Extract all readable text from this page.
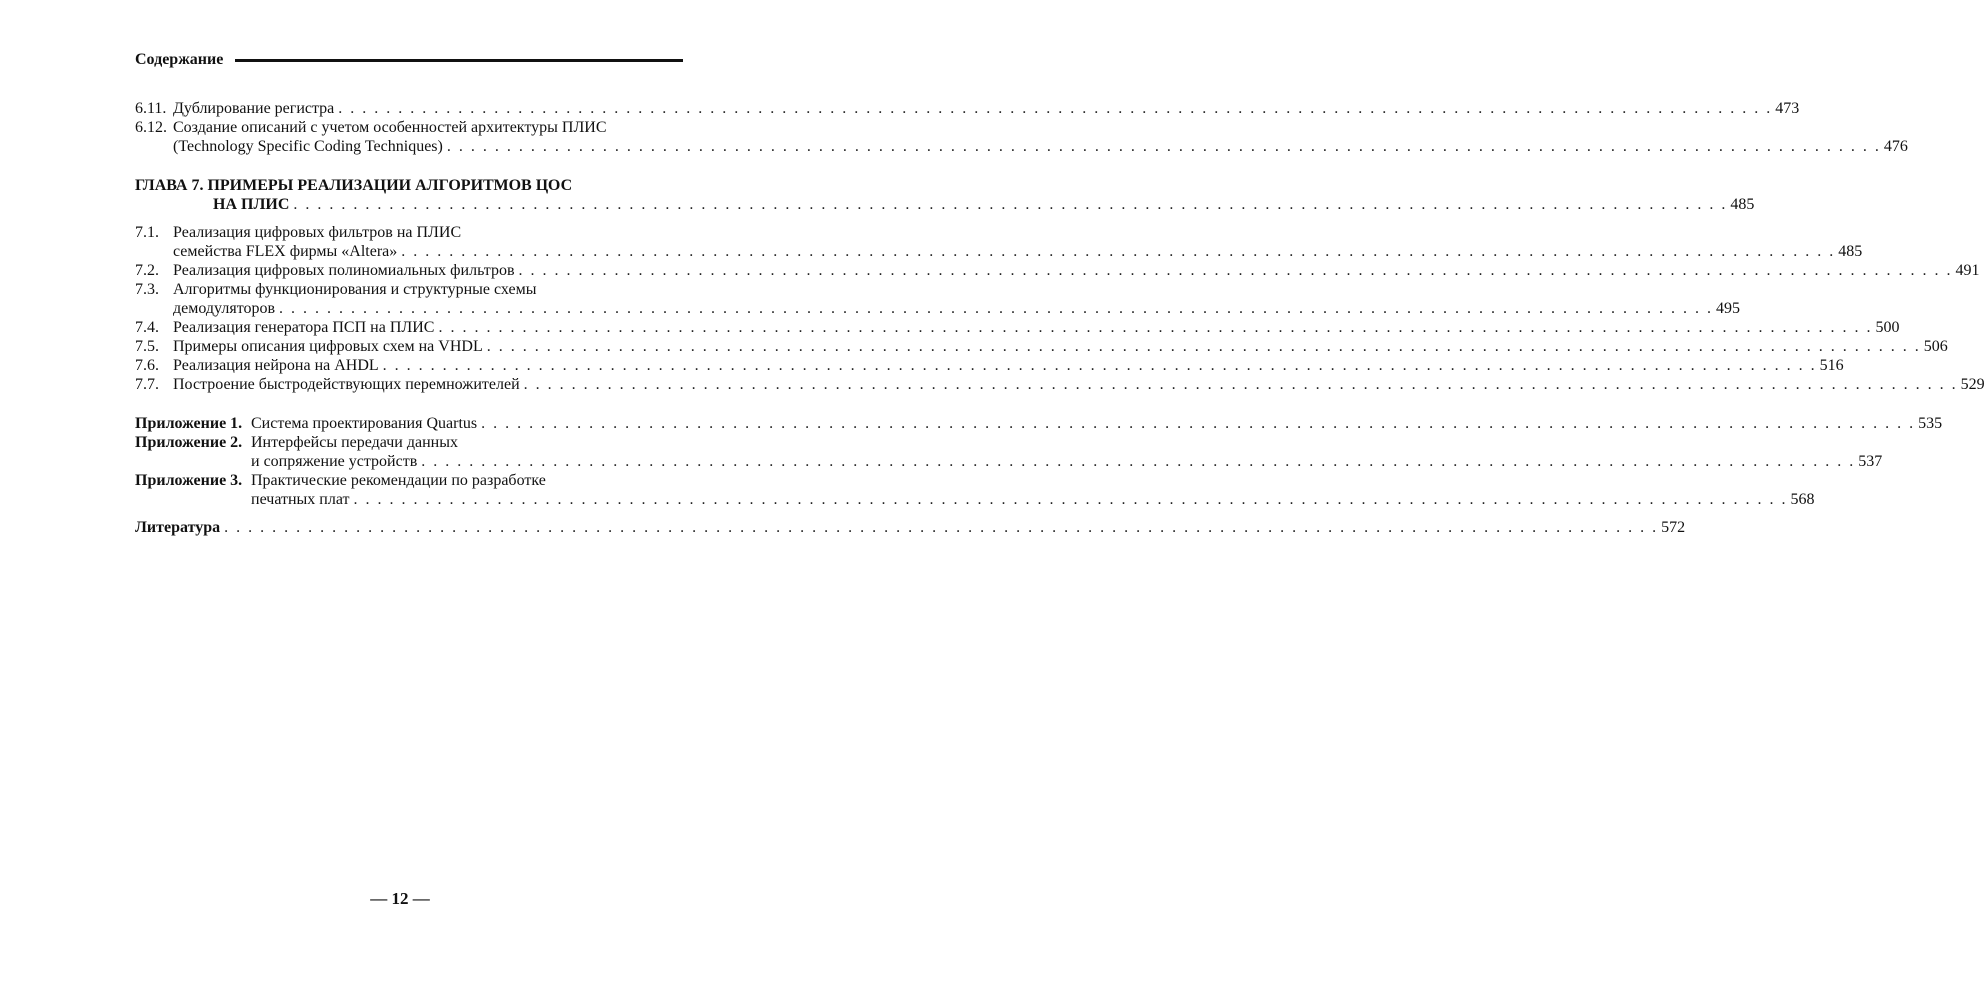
Содержание
6.11. Дублирование регистра . . . . . . . . . . . . . . . . . . . . . . . . . . . . . . . . . . . . . . . . . . . . . . . . . . . . . . . . . . . . . . . . . . . . . . . . . . . . . . . . . . . . . . . . . . . . . . . . . . . . . . . . . . . . . . . . . . . . . . . . 473
6.12. Создание описаний с учетом особенностей архитектуры ПЛИС
(Technology Specific Coding Techniques) . . . . . . . . . . . . . . . . . . . . . . . . . . . . . . . . . . . . . . . . . . . . . . . . . . . . . . . . . . . . . . . . . . . . . . . . . . . . . . . . . . . . . . . . . . . . . . . . . . . . . . . . . . . . . . . . . . . . . . . . 476
ГЛАВА 7. ПРИМЕРЫ РЕАЛИЗАЦИИ АЛГОРИТМОВ ЦОС
НА ПЛИС . . . . . . . . . . . . . . . . . . . . . . . . . . . . . . . . . . . . . . . . . . . . . . . . . . . . . . . . . . . . . . . . . . . . . . . . . . . . . . . . . . . . . . . . . . . . . . . . . . . . . . . . . . . . . . . . . . . . . . . . 485
7.1. Реализация цифровых фильтров на ПЛИС
семейства FLEX фирмы «Altera» . . . . . . . . . . . . . . . . . . . . . . . . . . . . . . . . . . . . . . . . . . . . . . . . . . . . . . . . . . . . . . . . . . . . . . . . . . . . . . . . . . . . . . . . . . . . . . . . . . . . . . . . . . . . . . . . . . . . . . . . 485
7.2. Реализация цифровых полиномиальных фильтров . . . . . . . . . . . . . . . . . . . . . . . . . . . . . . . . . . . . . . . . . . . . . . . . . . . . . . . . . . . . . . . . . . . . . . . . . . . . . . . . . . . . . . . . . . . . . . . . . . . . . . . . . . . . . . . . . . . . . . . . 491
7.3. Алгоритмы функционирования и структурные схемы
демодуляторов . . . . . . . . . . . . . . . . . . . . . . . . . . . . . . . . . . . . . . . . . . . . . . . . . . . . . . . . . . . . . . . . . . . . . . . . . . . . . . . . . . . . . . . . . . . . . . . . . . . . . . . . . . . . . . . . . . . . . . . . 495
7.4. Реализация генератора ПСП на ПЛИС . . . . . . . . . . . . . . . . . . . . . . . . . . . . . . . . . . . . . . . . . . . . . . . . . . . . . . . . . . . . . . . . . . . . . . . . . . . . . . . . . . . . . . . . . . . . . . . . . . . . . . . . . . . . . . . . . . . . . . . . 500
7.5. Примеры описания цифровых схем на VHDL . . . . . . . . . . . . . . . . . . . . . . . . . . . . . . . . . . . . . . . . . . . . . . . . . . . . . . . . . . . . . . . . . . . . . . . . . . . . . . . . . . . . . . . . . . . . . . . . . . . . . . . . . . . . . . . . . . . . . . . . 506
7.6. Реализация нейрона на AHDL . . . . . . . . . . . . . . . . . . . . . . . . . . . . . . . . . . . . . . . . . . . . . . . . . . . . . . . . . . . . . . . . . . . . . . . . . . . . . . . . . . . . . . . . . . . . . . . . . . . . . . . . . . . . . . . . . . . . . . . . 516
7.7. Построение быстродействующих перемножителей . . . . . . . . . . . . . . . . . . . . . . . . . . . . . . . . . . . . . . . . . . . . . . . . . . . . . . . . . . . . . . . . . . . . . . . . . . . . . . . . . . . . . . . . . . . . . . . . . . . . . . . . . . . . . . . . . . . . . . . . 529
Приложение 1. Система проектирования Quartus . . . . . . . . . . . . . . . . . . . . . . . . . . . . . . . . . . . . . . . . . . . . . . . . . . . . . . . . . . . . . . . . . . . . . . . . . . . . . . . . . . . . . . . . . . . . . . . . . . . . . . . . . . . . . . . . . . . . . . . . 535
Приложение 2. Интерфейсы передачи данных
и сопряжение устройств . . . . . . . . . . . . . . . . . . . . . . . . . . . . . . . . . . . . . . . . . . . . . . . . . . . . . . . . . . . . . . . . . . . . . . . . . . . . . . . . . . . . . . . . . . . . . . . . . . . . . . . . . . . . . . . . . . . . . . . . 537
Приложение 3. Практические рекомендации по разработке
печатных плат . . . . . . . . . . . . . . . . . . . . . . . . . . . . . . . . . . . . . . . . . . . . . . . . . . . . . . . . . . . . . . . . . . . . . . . . . . . . . . . . . . . . . . . . . . . . . . . . . . . . . . . . . . . . . . . . . . . . . . . . 568
Литература . . . . . . . . . . . . . . . . . . . . . . . . . . . . . . . . . . . . . . . . . . . . . . . . . . . . . . . . . . . . . . . . . . . . . . . . . . . . . . . . . . . . . . . . . . . . . . . . . . . . . . . . . . . . . . . . . . . . . . . . 572
— 12 —
